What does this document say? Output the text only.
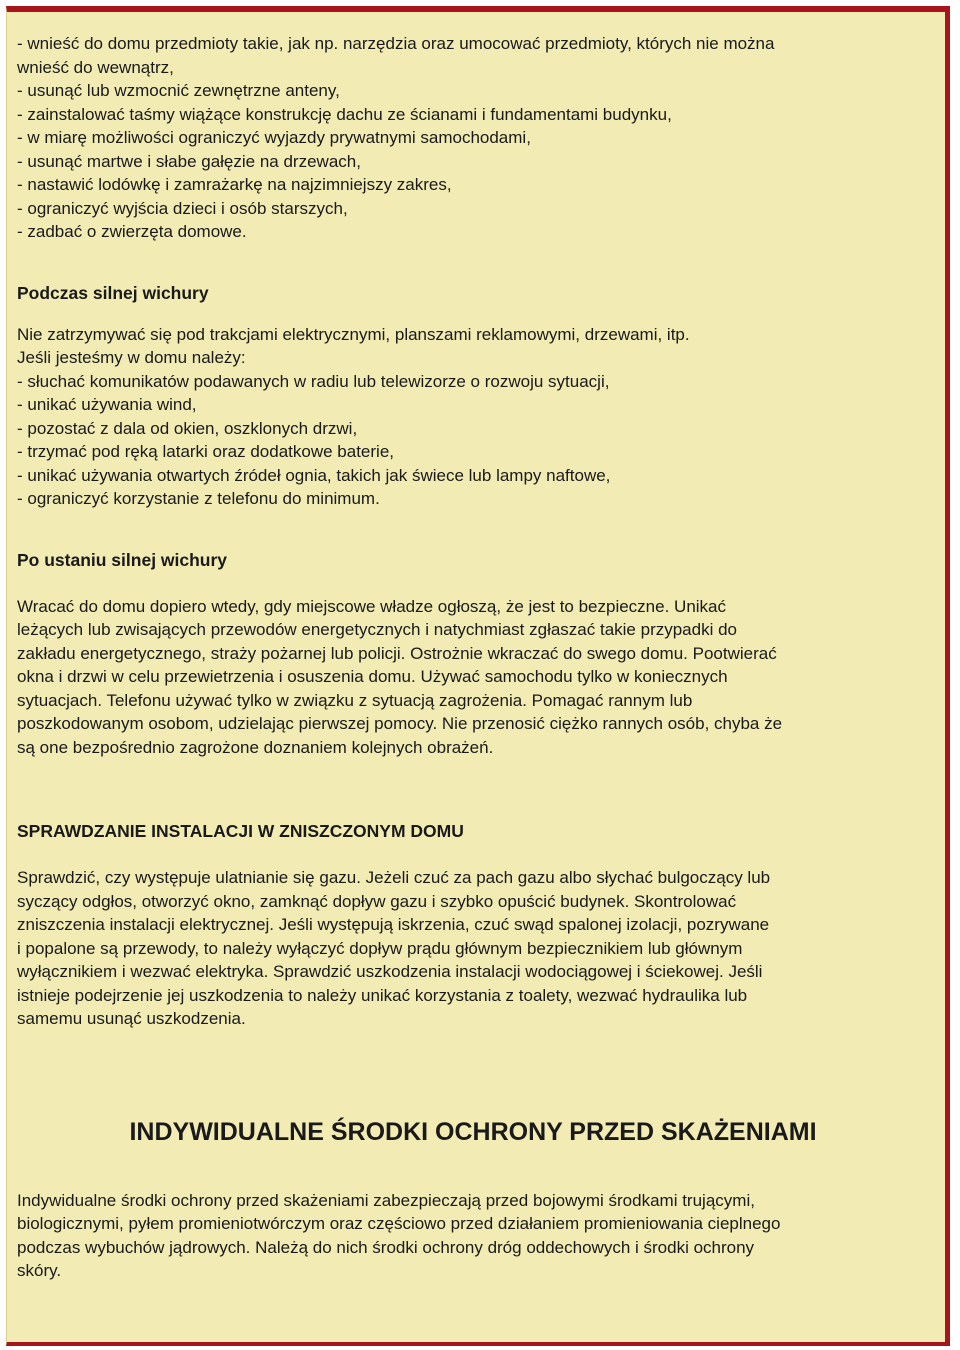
- wnieść do domu przedmioty takie, jak np. narzędzia oraz umocować przedmioty, których nie można
wnieść do wewnątrz,
- usunąć lub wzmocnić zewnętrzne anteny,
- zainstalować taśmy wiążące konstrukcję dachu ze ścianami i fundamentami budynku,
- w miarę możliwości ograniczyć wyjazdy prywatnymi samochodami,
- usunąć martwe i słabe gałęzie na drzewach,
- nastawić lodówkę i zamrażarkę na najzimniejszy zakres,
- ograniczyć wyjścia dzieci i osób starszych,
- zadbać o zwierzęta domowe.
Podczas silnej wichury
Nie zatrzymywać się pod trakcjami elektrycznymi, planszami reklamowymi, drzewami, itp.
Jeśli jesteśmy w domu należy:
- słuchać komunikatów podawanych w radiu lub telewizorze o rozwoju sytuacji,
- unikać używania wind,
- pozostać z dala od okien, oszklonych drzwi,
- trzymać pod ręką latarki oraz dodatkowe baterie,
- unikać używania otwartych źródeł ognia, takich jak świece lub lampy naftowe,
- ograniczyć korzystanie z telefonu do minimum.
Po ustaniu silnej wichury
Wracać do domu dopiero wtedy, gdy miejscowe władze ogłoszą, że jest to bezpieczne. Unikać
leżących lub zwisających przewodów energetycznych i natychmiast zgłaszać takie przypadki do
zakładu energetycznego, straży pożarnej lub policji. Ostrożnie wkraczać do swego domu. Pootwierać
okna i drzwi w celu przewietrzenia i osuszenia domu. Używać samochodu tylko w koniecznych
sytuacjach. Telefonu używać tylko w związku z sytuacją zagrożenia. Pomagać rannym lub
poszkodowanym osobom, udzielając pierwszej pomocy. Nie przenosić ciężko rannych osób, chyba że
są one bezpośrednio zagrożone doznaniem kolejnych obrażeń.
SPRAWDZANIE INSTALACJI W ZNISZCZONYM DOMU
Sprawdzić, czy występuje ulatnianie się gazu. Jeżeli czuć za pach gazu albo słychać bulgoczący lub
syczący odgłos, otworzyć okno, zamknąć dopływ gazu i szybko opuścić budynek. Skontrolować
zniszczenia instalacji elektrycznej. Jeśli występują iskrzenia, czuć swąd spalonej izolacji, pozrywane
i popalone są przewody, to należy wyłączyć dopływ prądu głównym bezpiecznikiem lub głównym
wyłącznikiem i wezwać elektryka. Sprawdzić uszkodzenia instalacji wodociągowej i ściekowej. Jeśli
istnieje podejrzenie jej uszkodzenia to należy unikać korzystania z toalety, wezwać hydraulika lub
samemu usunąć uszkodzenia.
INDYWIDUALNE ŚRODKI OCHRONY PRZED SKAŻENIAMI
Indywidualne środki ochrony przed skażeniami zabezpieczają przed bojowymi środkami trującymi,
biologicznymi, pyłem promieniotwórczym oraz częściowo przed działaniem promieniowania cieplnego
podczas wybuchów jądrowych. Należą do nich środki ochrony dróg oddechowych i środki ochrony
skóry.
